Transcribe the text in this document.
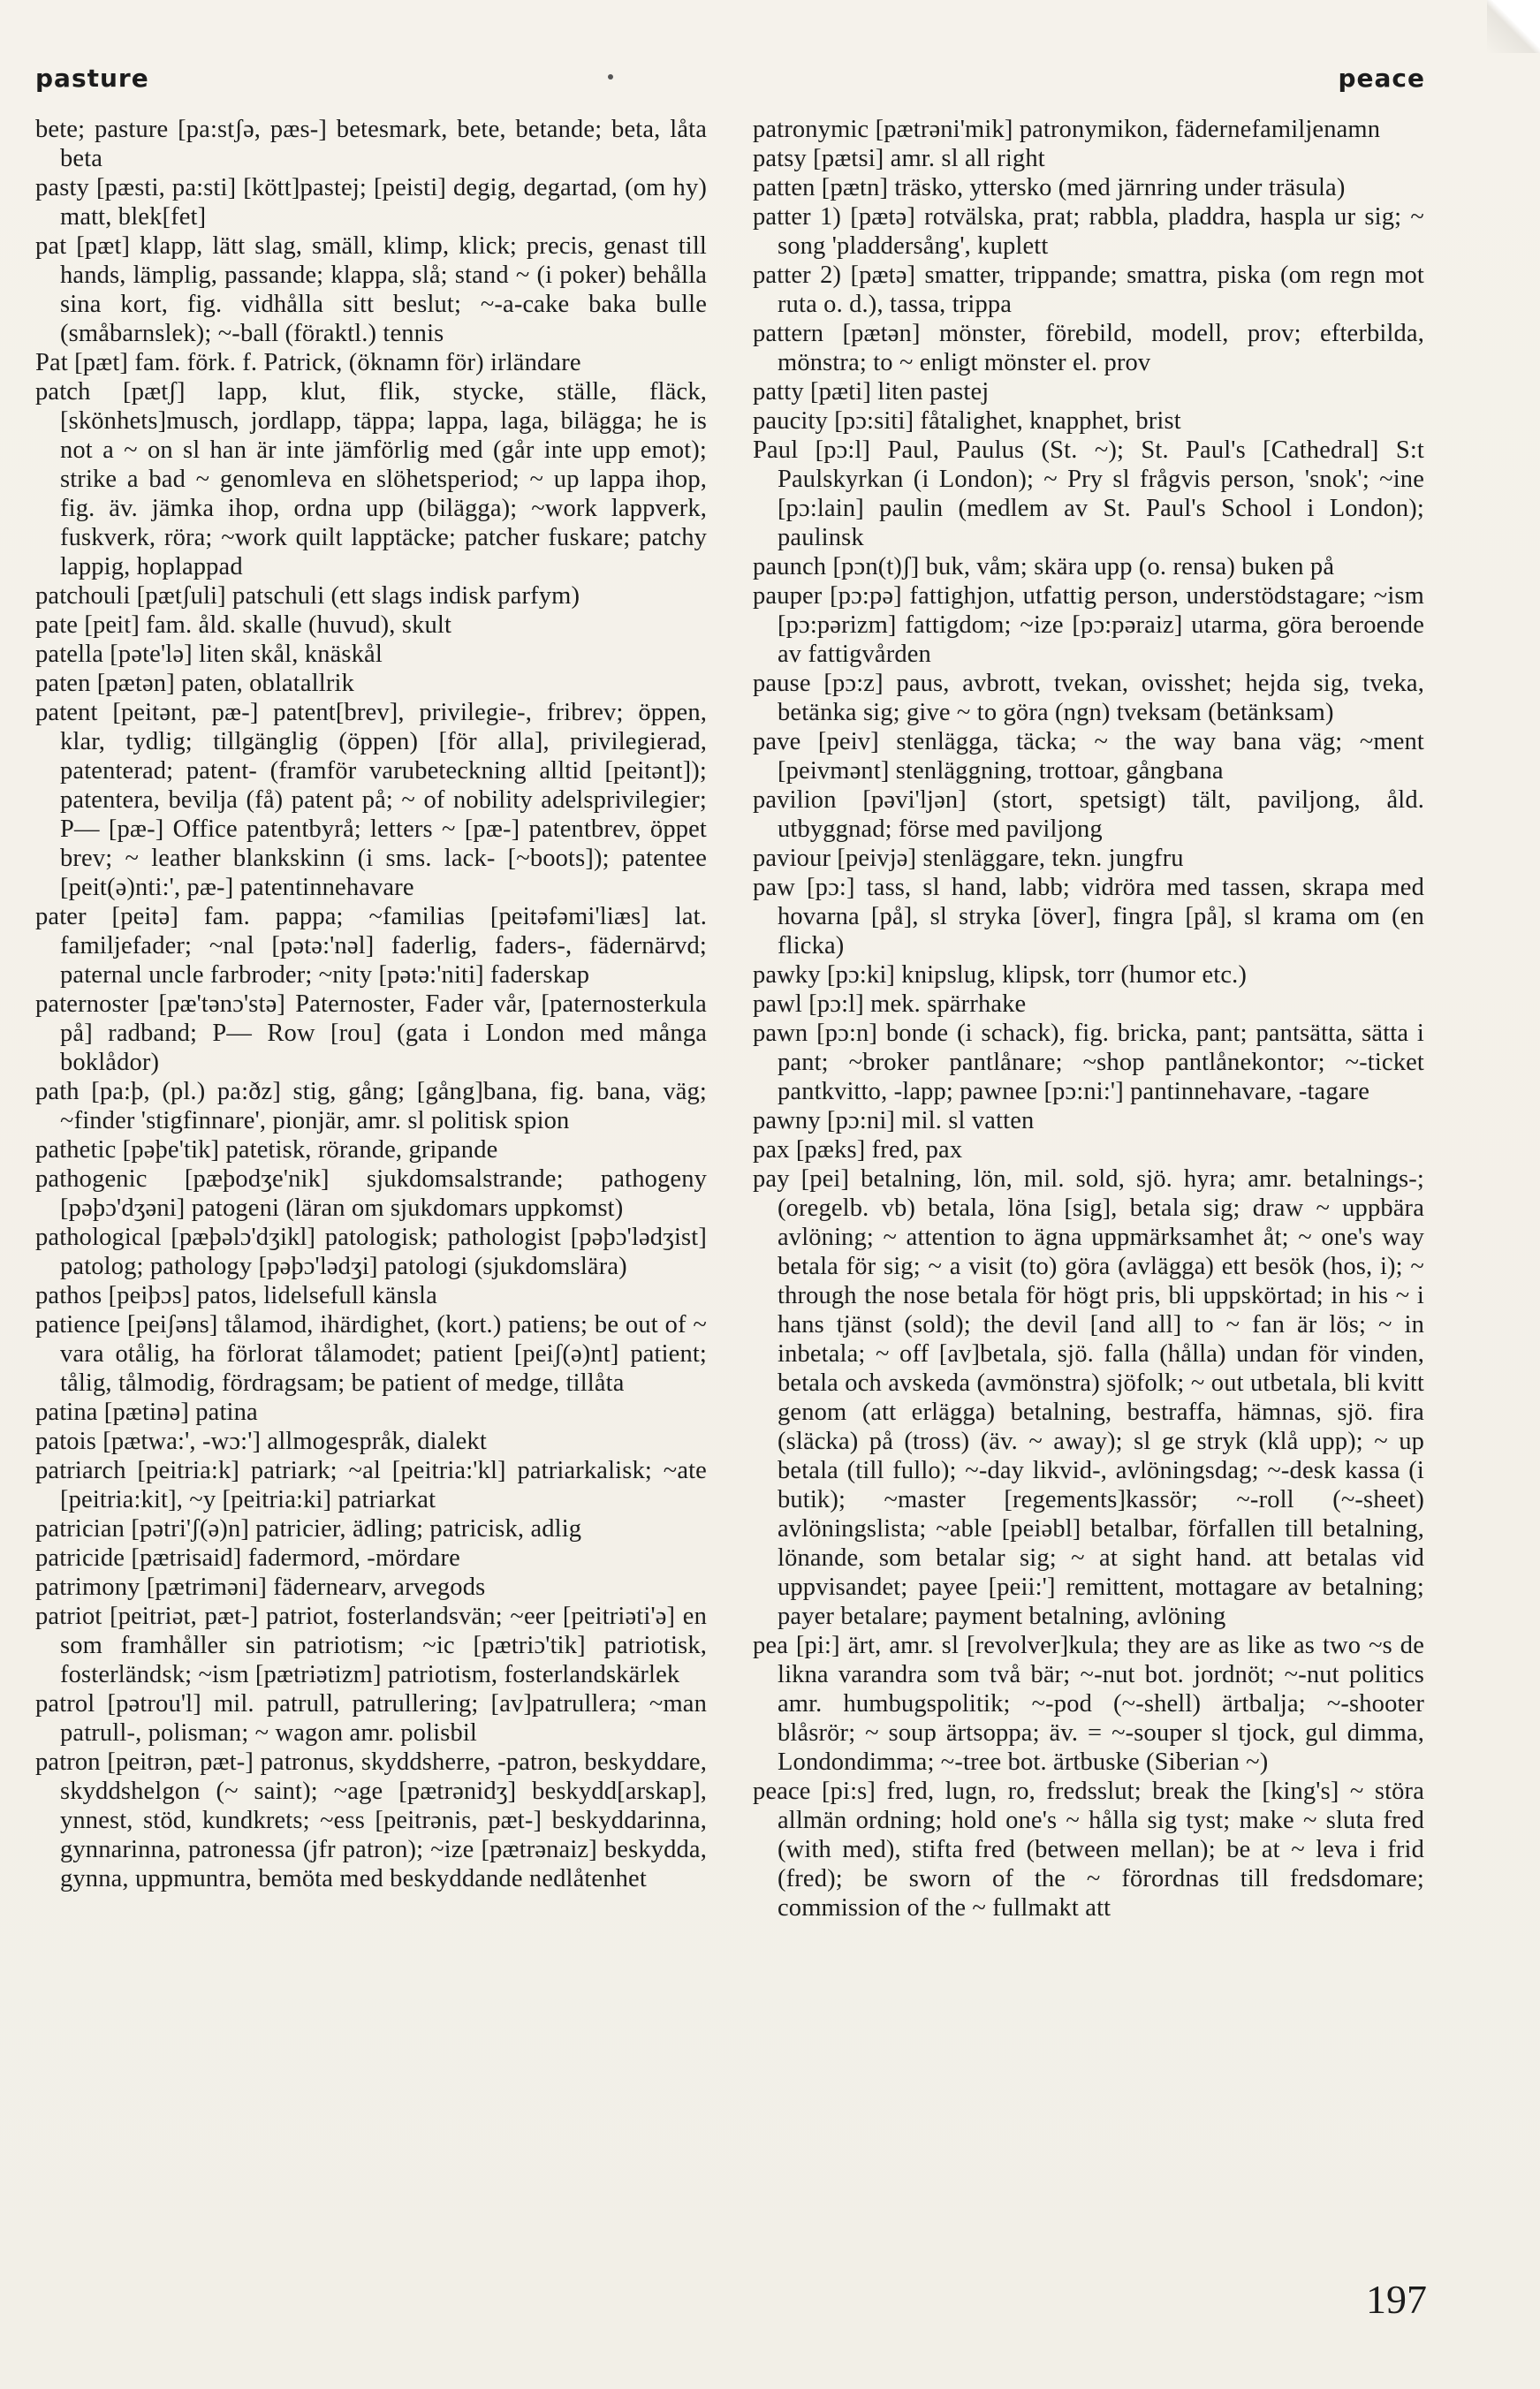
pasture	peace

bete; pasture [pa:stʃə, pæs-] betesmark, bete, betande; beta, låta beta

pasty [pæsti, pa:sti] [kött]pastej; [peisti] degig, degartad, (om hy) matt, blek[fet]

pat [pæt] klapp, lätt slag, smäll, klimp, klick; precis, genast till hands, lämplig, passande; klappa, slå; stand ~ (i poker) behålla sina kort, fig. vidhålla sitt beslut; ~-a-cake baka bulle (småbarnslek); ~-ball (föraktl.) tennis

Pat [pæt] fam. förk. f. Patrick, (öknamn för) irländare

patch [pætʃ] lapp, klut, flik, stycke, ställe, fläck, [skönhets]musch, jordlapp, täppa; lappa, laga, bilägga; he is not a ~ on sl han är inte jämförlig med (går inte upp emot); strike a bad ~ genomleva en slöhetsperiod; ~ up lappa ihop, fig. äv. jämka ihop, ordna upp (bilägga); ~work lappverk, fuskverk, röra; ~work quilt lapptäcke; patcher fuskare; patchy lappig, hoplappad

patchouli [pætʃuli] patschuli (ett slags indisk parfym)

pate [peit] fam. åld. skalle (huvud), skult

patella [pəte'lə] liten skål, knäskål

paten [pætən] paten, oblatallrik

patent [peitənt, pæ-] patent[brev], privilegie-, fribrev; öppen, klar, tydlig; tillgänglig (öppen) [för alla], privilegierad, patenterad; patent- (framför varubeteckning alltid [peitənt]); patentera, bevilja (få) patent på; ~ of nobility adelsprivilegier; P— [pæ-] Office patentbyrå; letters ~ [pæ-] patentbrev, öppet brev; ~ leather blankskinn (i sms. lack- [~boots]); patentee [peit(ə)nti:', pæ-] patentinnehavare

pater [peitə] fam. pappa; ~familias [peitəfəmi'liæs] lat. familjefader; ~nal [pətə:'nəl] faderlig, faders-, fädernärvd; paternal uncle farbroder; ~nity [pətə:'niti] faderskap

paternoster [pæ'tənɔ'stə] Paternoster, Fader vår, [paternosterkula på] radband; P— Row [rou] (gata i London med många boklådor)

path [pa:þ, (pl.) pa:ðz] stig, gång; [gång]bana, fig. bana, väg; ~finder 'stigfinnare', pionjär, amr. sl politisk spion

pathetic [pəþe'tik] patetisk, rörande, gripande

pathogenic [pæþodʒe'nik] sjukdomsalstrande; pathogeny [pəþɔ'dʒəni] patogeni (läran om sjukdomars uppkomst)

pathological [pæþəlɔ'dʒikl] patologisk; pathologist [pəþɔ'lədʒist] patolog; pathology [pəþɔ'lədʒi] patologi (sjukdomslära)

pathos [peiþɔs] patos, lidelsefull känsla

patience [peiʃəns] tålamod, ihärdighet, (kort.) patiens; be out of ~ vara otålig, ha förlorat tålamodet; patient [peiʃ(ə)nt] patient; tålig, tålmodig, fördragsam; be patient of medge, tillåta

patina [pætinə] patina

patois [pætwa:', -wɔ:'] allmogespråk, dialekt

patriarch [peitria:k] patriark; ~al [peitria:'kl] patriarkalisk; ~ate [peitria:kit], ~y [peitria:ki] patriarkat

patrician [pətri'ʃ(ə)n] patricier, ädling; patricisk, adlig

patricide [pætrisaid] fadermord, -mördare

patrimony [pætriməni] fädernearv, arvegods

patriot [peitriət, pæt-] patriot, fosterlandsvän; ~eer [peitriəti'ə] en som framhåller sin patriotism; ~ic [pætriɔ'tik] patriotisk, fosterländsk; ~ism [pætriətizm] patriotism, fosterlandskärlek

patrol [pətrou'l] mil. patrull, patrullering; [av]patrullera; ~man patrull-, polisman; ~ wagon amr. polisbil

patron [peitrən, pæt-] patronus, skyddsherre, -patron, beskyddare, skyddshelgon (~ saint); ~age [pætrənidʒ] beskydd[arskap], ynnest, stöd, kundkrets; ~ess [peitrənis, pæt-] beskyddarinna, gynnarinna, patronessa (jfr patron); ~ize [pætrənaiz] beskydda, gynna, uppmuntra, bemöta med beskyddande nedlåtenhet

patronymic [pætrəni'mik] patronymikon, fädernefamiljenamn

patsy [pætsi] amr. sl all right

patten [pætn] träsko, yttersko (med järnring under träsula)

patter 1) [pætə] rotvälska, prat; rabbla, pladdra, haspla ur sig; ~ song 'pladdersång', kuplett

patter 2) [pætə] smatter, trippande; smattra, piska (om regn mot ruta o. d.), tassa, trippa

pattern [pætən] mönster, förebild, modell, prov; efterbilda, mönstra; to ~ enligt mönster el. prov

patty [pæti] liten pastej

paucity [pɔ:siti] fåtalighet, knapphet, brist

Paul [pɔ:l] Paul, Paulus (St. ~); St. Paul's [Cathedral] S:t Paulskyrkan (i London); ~ Pry sl frågvis person, 'snok'; ~ine [pɔ:lain] paulin (medlem av St. Paul's School i London); paulinsk

paunch [pɔn(t)ʃ] buk, våm; skära upp (o. rensa) buken på

pauper [pɔ:pə] fattighjon, utfattig person, understödstagare; ~ism [pɔ:pərizm] fattigdom; ~ize [pɔ:pəraiz] utarma, göra beroende av fattigvården

pause [pɔ:z] paus, avbrott, tvekan, ovisshet; hejda sig, tveka, betänka sig; give ~ to göra (ngn) tveksam (betänksam)

pave [peiv] stenlägga, täcka; ~ the way bana väg; ~ment [peivmənt] stenläggning, trottoar, gångbana

pavilion [pəvi'ljən] (stort, spetsigt) tält, paviljong, åld. utbyggnad; förse med paviljong

paviour [peivjə] stenläggare, tekn. jungfru

paw [pɔ:] tass, sl hand, labb; vidröra med tassen, skrapa med hovarna [på], sl stryka [över], fingra [på], sl krama om (en flicka)

pawky [pɔ:ki] knipslug, klipsk, torr (humor etc.)

pawl [pɔ:l] mek. spärrhake

pawn [pɔ:n] bonde (i schack), fig. bricka, pant; pantsätta, sätta i pant; ~broker pantlånare; ~shop pantlånekontor; ~-ticket pantkvitto, -lapp; pawnee [pɔ:ni:'] pantinnehavare, -tagare

pawny [pɔ:ni] mil. sl vatten

pax [pæks] fred, pax

pay [pei] betalning, lön, mil. sold, sjö. hyra; amr. betalnings-; (oregelb. vb) betala, löna [sig], betala sig; draw ~ uppbära avlöning; ~ attention to ägna uppmärksamhet åt; ~ one's way betala för sig; ~ a visit (to) göra (avlägga) ett besök (hos, i); ~ through the nose betala för högt pris, bli uppskörtad; in his ~ i hans tjänst (sold); the devil [and all] to ~ fan är lös; ~ in inbetala; ~ off [av]betala, sjö. falla (hålla) undan för vinden, betala och avskeda (avmönstra) sjöfolk; ~ out utbetala, bli kvitt genom (att erlägga) betalning, bestraffa, hämnas, sjö. fira (släcka) på (tross) (äv. ~ away); sl ge stryk (klå upp); ~ up betala (till fullo); ~-day likvid-, avlöningsdag; ~-desk kassa (i butik); ~master [regements]kassör; ~-roll (~-sheet) avlöningslista; ~able [peiəbl] betalbar, förfallen till betalning, lönande, som betalar sig; ~ at sight hand. att betalas vid uppvisandet; payee [peii:'] remittent, mottagare av betalning; payer betalare; payment betalning, avlöning

pea [pi:] ärt, amr. sl [revolver]kula; they are as like as two ~s de likna varandra som två bär; ~-nut bot. jordnöt; ~-nut politics amr. humbugspolitik; ~-pod (~-shell) ärtbalja; ~-shooter blåsrör; ~ soup ärtsoppa; äv. = ~-souper sl tjock, gul dimma, Londondimma; ~-tree bot. ärtbuske (Siberian ~)

peace [pi:s] fred, lugn, ro, fredsslut; break the [king's] ~ störa allmän ordning; hold one's ~ hålla sig tyst; make ~ sluta fred (with med), stifta fred (between mellan); be at ~ leva i frid (fred); be sworn of the ~ förordnas till fredsdomare; commission of the ~ fullmakt att

197
